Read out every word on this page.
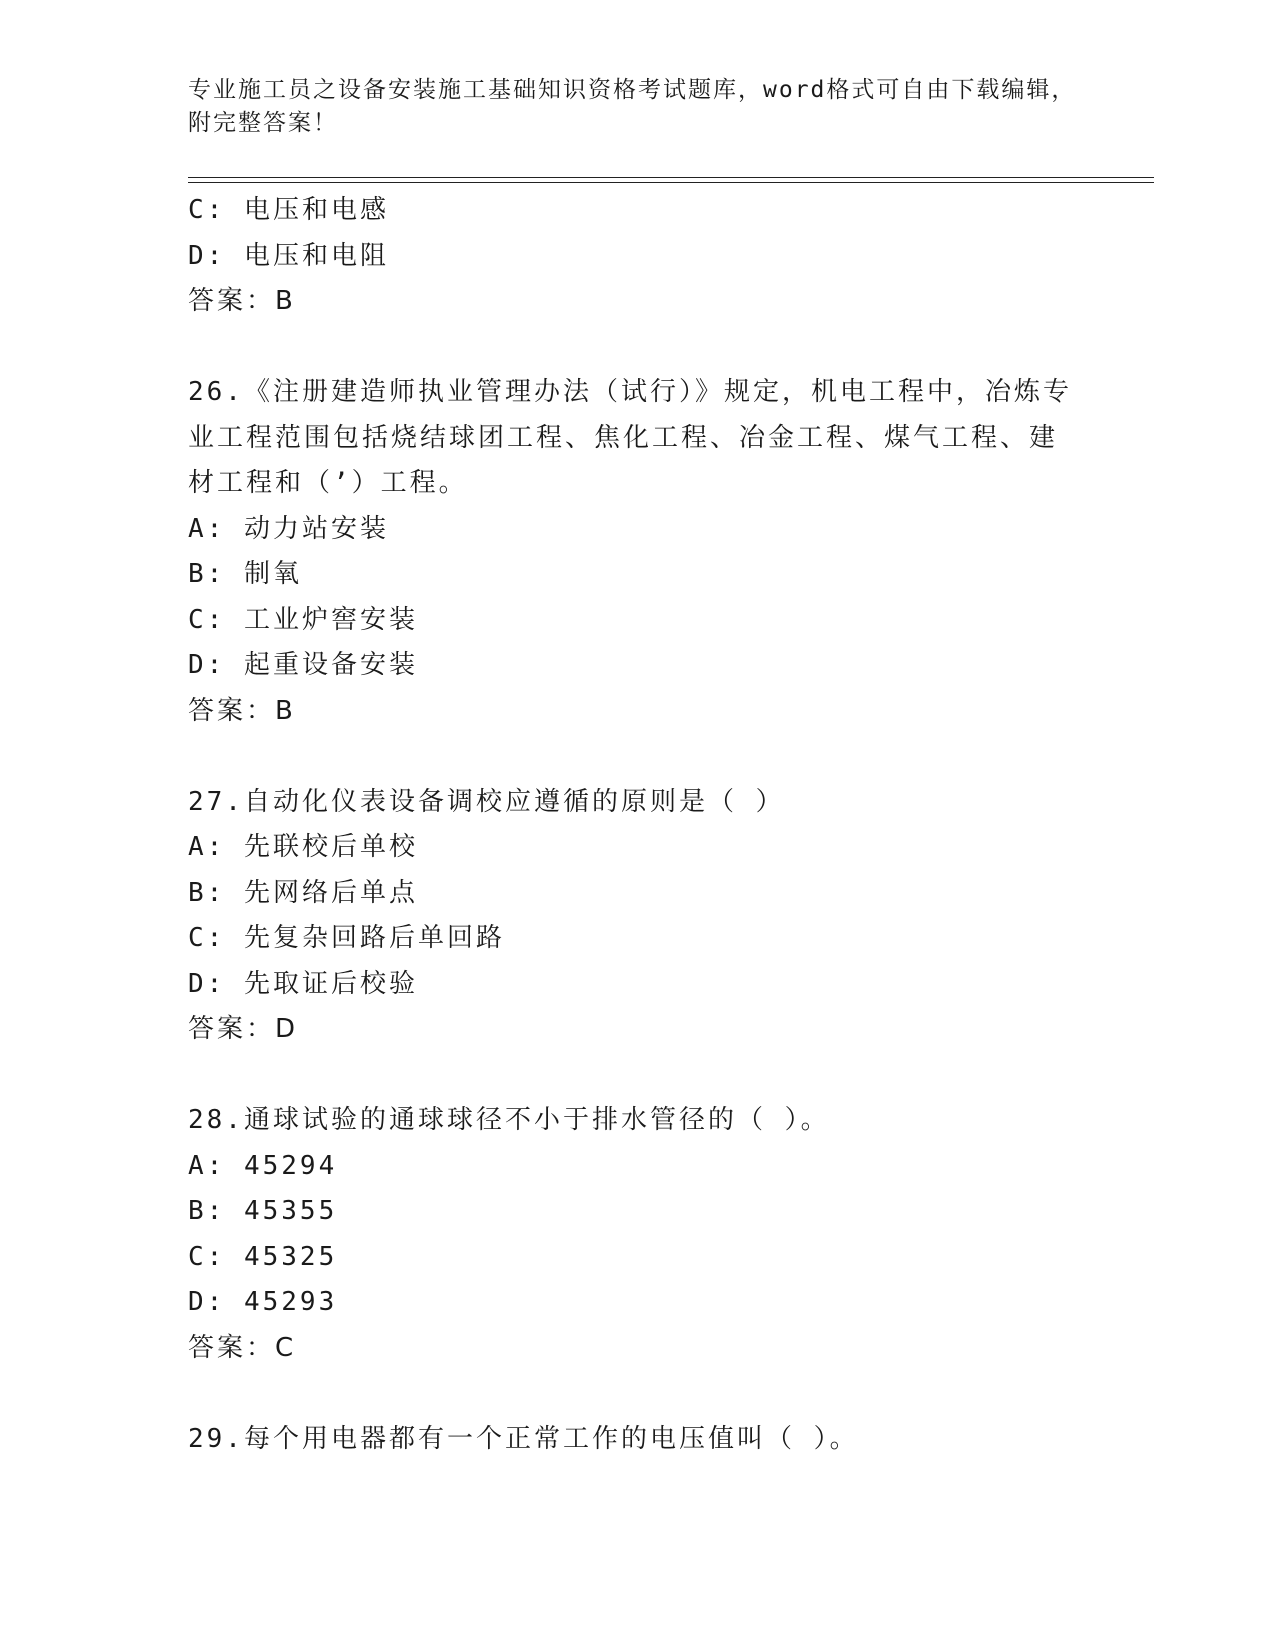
专业施工员之设备安装施工基础知识资格考试题库，word格式可自由下载编辑，
附完整答案！
C: 电压和电感
D: 电压和电阻
答案：B
26.《注册建造师执业管理办法（试行）》规定，机电工程中，冶炼专
业工程范围包括烧结球团工程、焦化工程、冶金工程、煤气工程、建
材工程和（’）工程。
A: 动力站安装
B: 制氧
C: 工业炉窖安装
D: 起重设备安装
答案：B
27.自动化仪表设备调校应遵循的原则是（ ）
A: 先联校后单校
B: 先网络后单点
C: 先复杂回路后单回路
D: 先取证后校验
答案：D
28.通球试验的通球球径不小于排水管径的（ ）。
A: 45294
B: 45355
C: 45325
D: 45293
答案：C
29.每个用电器都有一个正常工作的电压值叫（ ）。
